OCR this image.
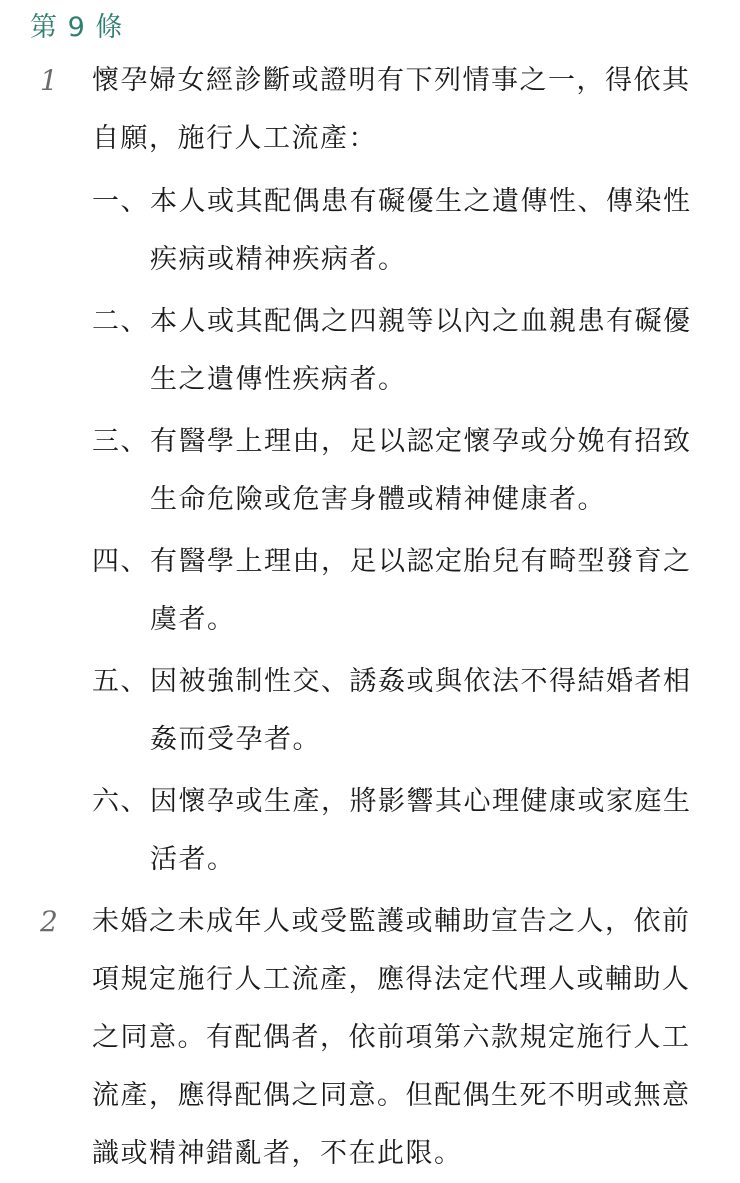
第 9 條
1 懷孕婦女經診斷或證明有下列情事之一，得依其自願，施行人工流產：

一、 本人或其配偶患有礙優生之遺傳性、傳染性疾病或精神疾病者。

二、 本人或其配偶之四親等以內之血親患有礙優生之遺傳性疾病者。

三、 有醫學上理由，足以認定懷孕或分娩有招致生命危險或危害身體或精神健康者。

四、 有醫學上理由，足以認定胎兒有畸型發育之虞者。

五、 因被強制性交、誘姦或與依法不得結婚者相姦而受孕者。

六、 因懷孕或生產，將影響其心理健康或家庭生活者。

2 未婚之未成年人或受監護或輔助宣告之人，依前項規定施行人工流產，應得法定代理人或輔助人之同意。有配偶者，依前項第六款規定施行人工流產，應得配偶之同意。但配偶生死不明或無意識或精神錯亂者，不在此限。
